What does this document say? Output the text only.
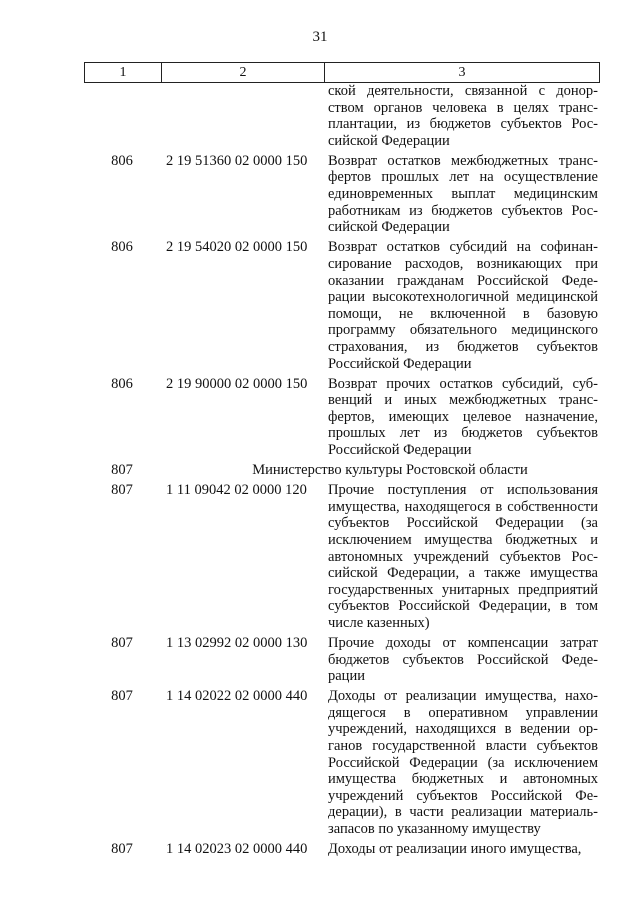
31
1	2	3
ской деятельности, связанной с донорством органов человека в целях трансплантации, из бюджетов субъектов Российской Федерации
806	2 19 51360 02 0000 150	Возврат остатков межбюджетных трансфертов прошлых лет на осуществление единовременных выплат медицинским работникам из бюджетов субъектов Российской Федерации
806	2 19 54020 02 0000 150	Возврат остатков субсидий на софинансирование расходов, возникающих при оказании гражданам Российской Федерации высокотехнологичной медицинской помощи, не включенной в базовую программу обязательного медицинского страхования, из бюджетов субъектов Российской Федерации
806	2 19 90000 02 0000 150	Возврат прочих остатков субсидий, субвенций и иных межбюджетных трансфертов, имеющих целевое назначение, прошлых лет из бюджетов субъектов Российской Федерации
807	Министерство культуры Ростовской области
807	1 11 09042 02 0000 120	Прочие поступления от использования имущества, находящегося в собственности субъектов Российской Федерации (за исключением имущества бюджетных и автономных учреждений субъектов Российской Федерации, а также имущества государственных унитарных предприятий субъектов Российской Федерации, в том числе казенных)
807	1 13 02992 02 0000 130	Прочие доходы от компенсации затрат бюджетов субъектов Российской Федерации
807	1 14 02022 02 0000 440	Доходы от реализации имущества, находящегося в оперативном управлении учреждений, находящихся в ведении органов государственной власти субъектов Российской Федерации (за исключением имущества бюджетных и автономных учреждений субъектов Российской Федерации), в части реализации материальзапасов по указанному имуществу
807	1 14 02023 02 0000 440	Доходы от реализации иного имущества,
